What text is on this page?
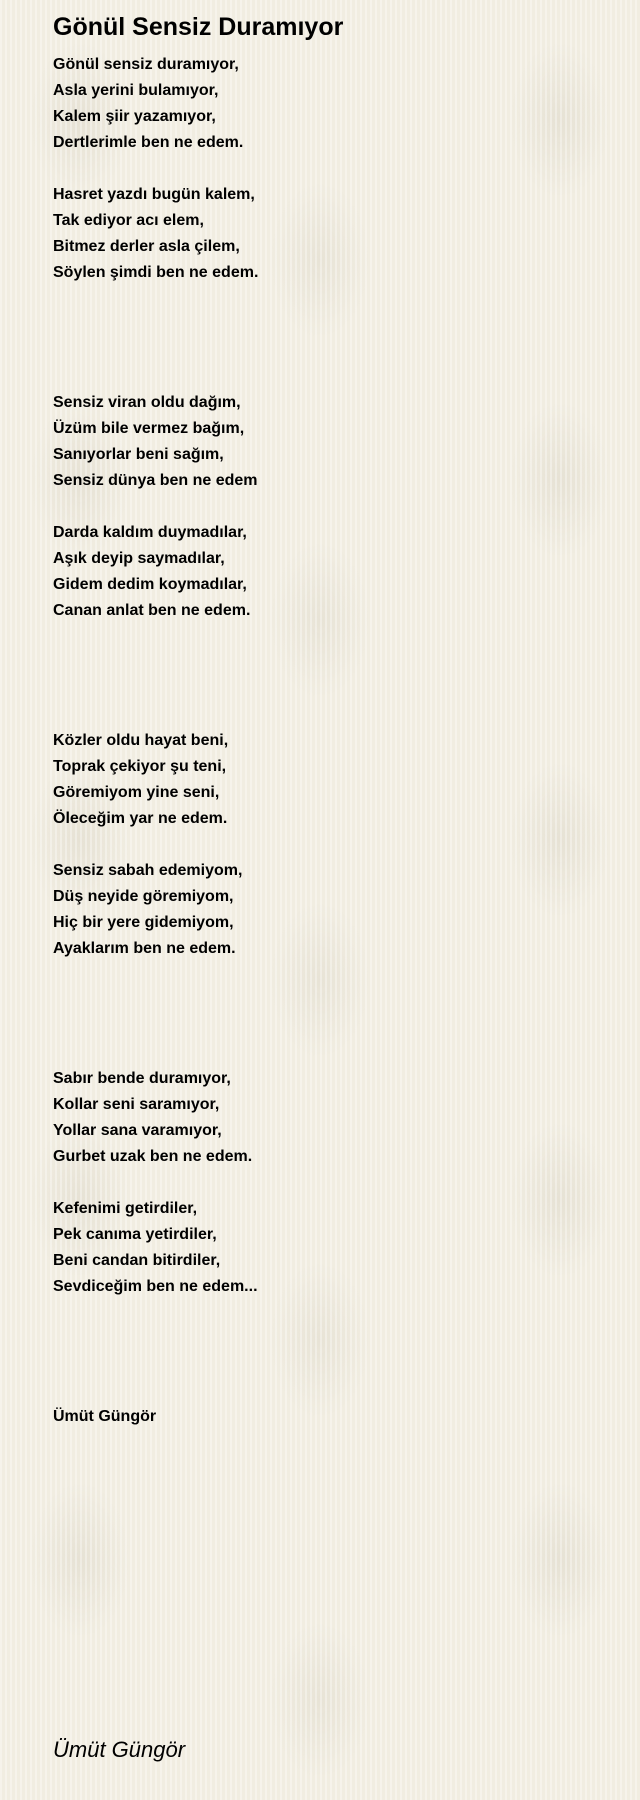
Gönül Sensiz Duramıyor
Gönül sensiz duramıyor,
Asla yerini bulamıyor,
Kalem şiir yazamıyor,
Dertlerimle ben ne edem.
Hasret yazdı bugün kalem,
Tak ediyor acı elem,
Bitmez derler asla çilem,
Söylen şimdi ben ne edem.
Sensiz viran oldu dağım,
Üzüm bile vermez bağım,
Sanıyorlar beni sağım,
Sensiz dünya ben ne edem
Darda kaldım duymadılar,
Aşık deyip saymadılar,
Gidem dedim koymadılar,
Canan anlat ben ne edem.
Közler oldu hayat beni,
Toprak çekiyor şu teni,
Göremiyom yine seni,
Öleceğim yar ne edem.
Sensiz sabah edemiyom,
Düş neyide göremiyom,
Hiç bir yere gidemiyom,
Ayaklarım ben ne edem.
Sabır bende duramıyor,
Kollar seni saramıyor,
Yollar sana varamıyor,
Gurbet uzak ben ne edem.
Kefenimi getirdiler,
Pek canıma yetirdiler,
Beni candan bitirdiler,
Sevdiceğim ben ne edem...
Ümüt Güngör
Ümüt Güngör
